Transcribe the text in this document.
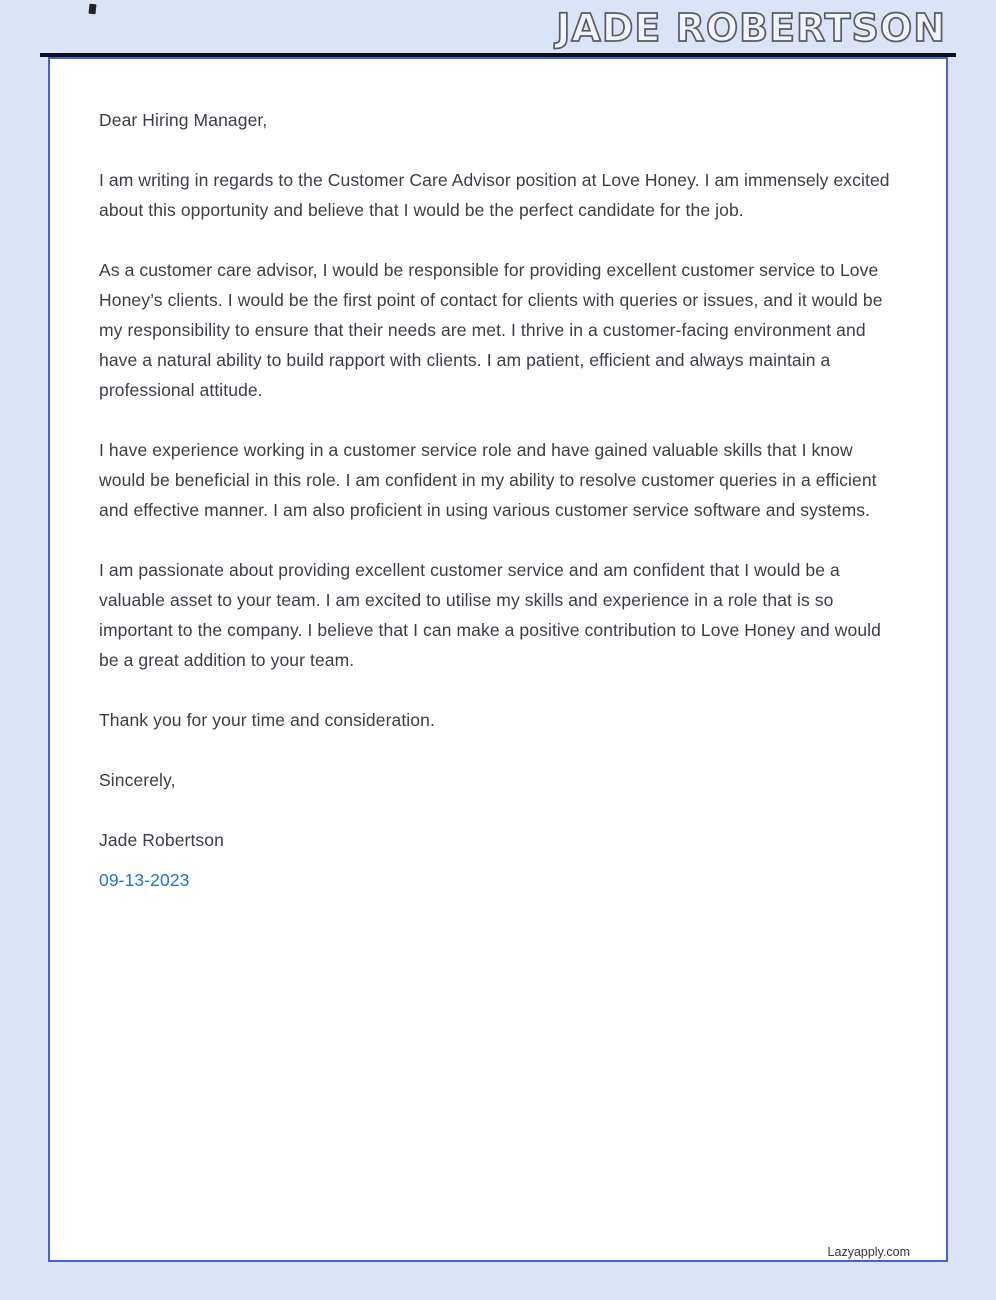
JADE ROBERTSON

Dear Hiring Manager,

I am writing in regards to the Customer Care Advisor position at Love Honey. I am immensely excited about this opportunity and believe that I would be the perfect candidate for the job.

As a customer care advisor, I would be responsible for providing excellent customer service to Love Honey’s clients. I would be the first point of contact for clients with queries or issues, and it would be my responsibility to ensure that their needs are met. I thrive in a customer-facing environment and have a natural ability to build rapport with clients. I am patient, efficient and always maintain a professional attitude.

I have experience working in a customer service role and have gained valuable skills that I know would be beneficial in this role. I am confident in my ability to resolve customer queries in a efficient and effective manner. I am also proficient in using various customer service software and systems.

I am passionate about providing excellent customer service and am confident that I would be a valuable asset to your team. I am excited to utilise my skills and experience in a role that is so important to the company. I believe that I can make a positive contribution to Love Honey and would be a great addition to your team.

Thank you for your time and consideration.

Sincerely,

Jade Robertson

09-13-2023

Lazyapply.com
